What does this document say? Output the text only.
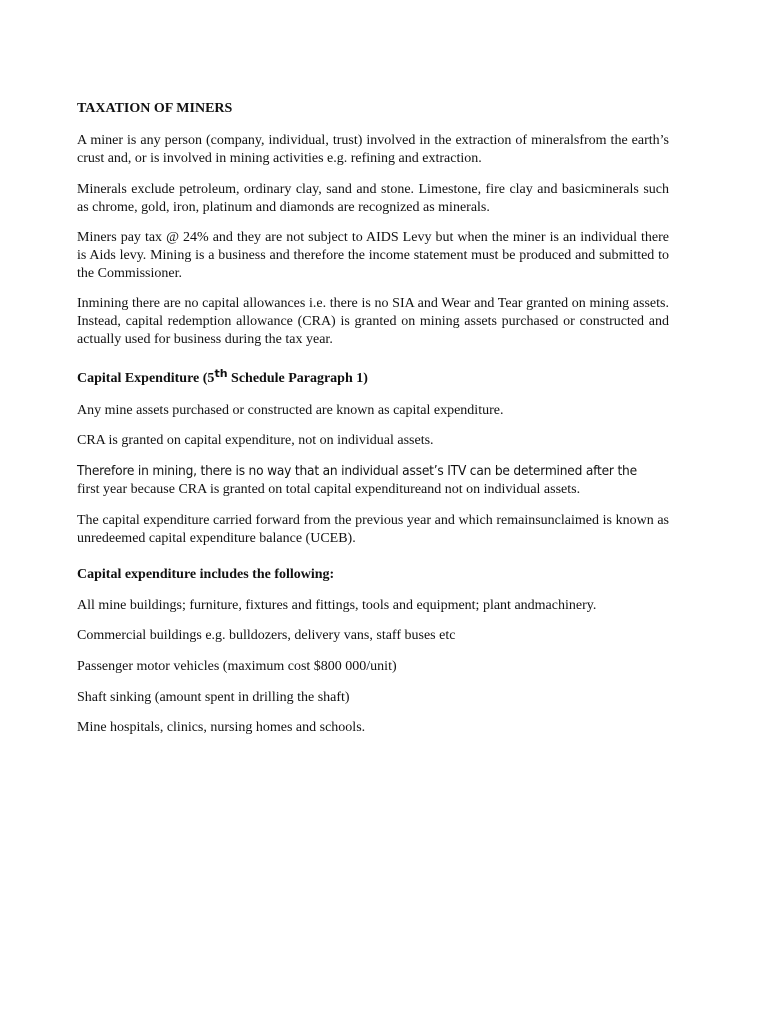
TAXATION OF MINERS

A miner is any person (company, individual, trust) involved in the extraction of mineralsfrom the earth’s crust and, or is involved in mining activities e.g. refining and extraction.

Minerals exclude petroleum, ordinary clay, sand and stone. Limestone, fire clay and basicminerals such as chrome, gold, iron, platinum and diamonds are recognized as minerals.

Miners pay tax @ 24% and they are not subject to AIDS Levy but when the miner is an individual there is Aids levy. Mining is a business and therefore the income statement must be produced and submitted to the Commissioner.

Inmining there are no capital allowances i.e. there is no SIA and Wear and Tear granted on mining assets. Instead, capital redemption allowance (CRA) is granted on mining assets purchased or constructed and actually used for business during the tax year.

Capital Expenditure (5th Schedule Paragraph 1)

Any mine assets purchased or constructed are known as capital expenditure.

CRA is granted on capital expenditure, not on individual assets.

Therefore in mining, there is no way that an individual asset’s ITV can be determined after the
first year because CRA is granted on total capital expenditureand not on individual assets.

The capital expenditure carried forward from the previous year and which remainsunclaimed is known as unredeemed capital expenditure balance (UCEB).

Capital expenditure includes the following:

All mine buildings; furniture, fixtures and fittings, tools and equipment; plant andmachinery.

Commercial buildings e.g. bulldozers, delivery vans, staff buses etc

Passenger motor vehicles (maximum cost $800 000/unit)

Shaft sinking (amount spent in drilling the shaft)

Mine hospitals, clinics, nursing homes and schools.
